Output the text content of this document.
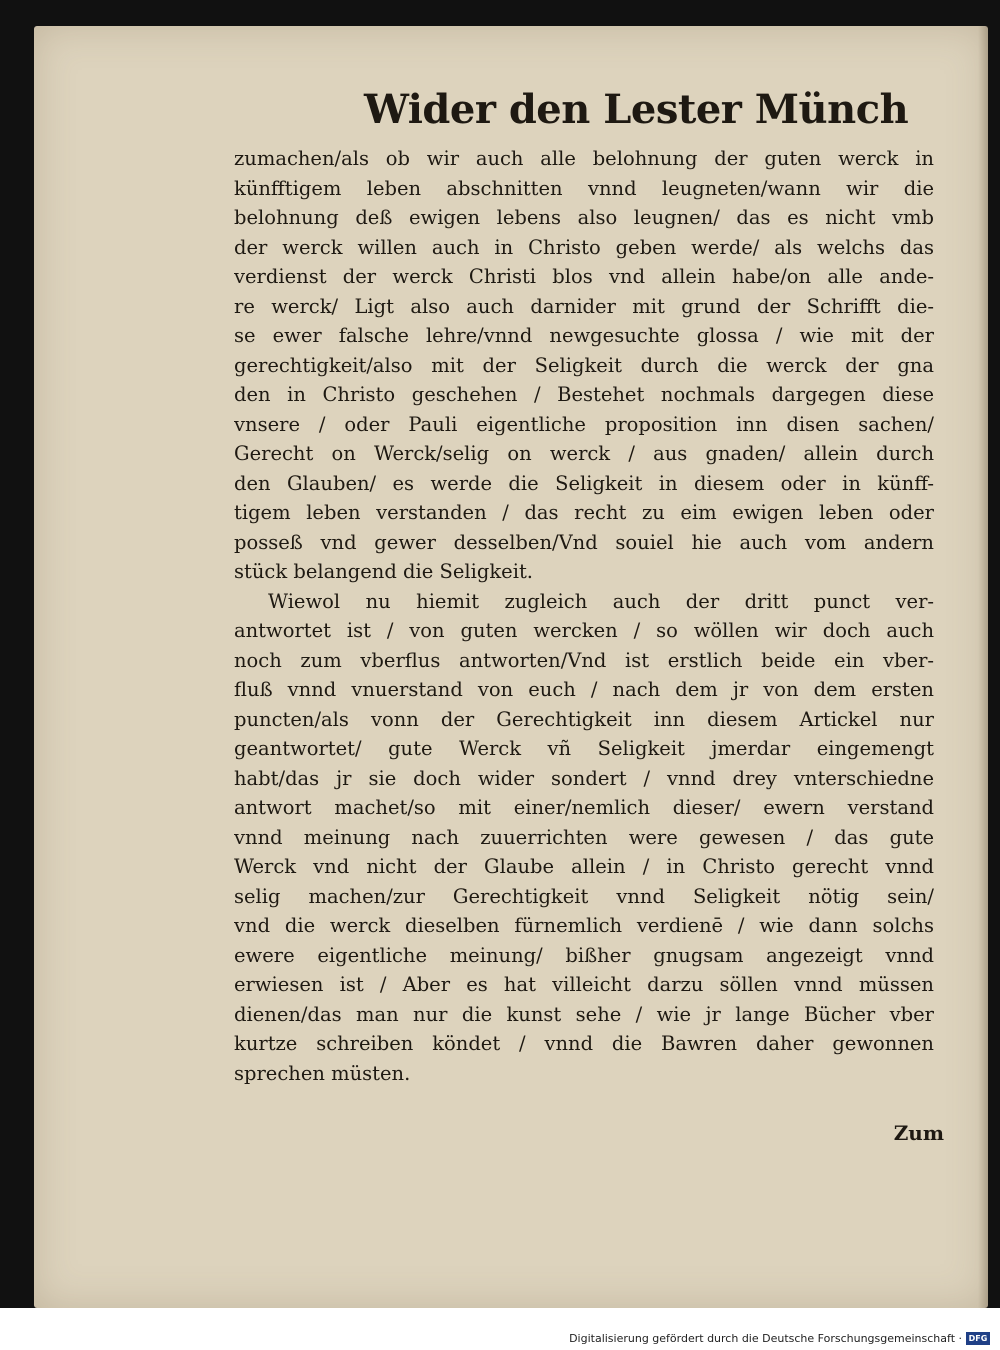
Wider den Lester Münch
zumachen/als ob wir auch alle belohnung der guten werck in
künfftigem leben abschnitten vnnd leugneten/wann wir die
belohnung deß ewigen lebens also leugnen/ das es nicht vmb
der werck willen auch in Christo geben werde/ als welchs das
verdienst der werck Christi blos vnd allein habe/on alle ande-
re werck/ Ligt also auch darnider mit grund der Schrifft die-
se ewer falsche lehre/vnnd newgesuchte glossa / wie mit der
gerechtigkeit/also mit der Seligkeit durch die werck der gna
den in Christo geschehen / Bestehet nochmals dargegen diese
vnsere / oder Pauli eigentliche proposition inn disen sachen/
Gerecht on Werck/selig on werck / aus gnaden/ allein durch
den Glauben/ es werde die Seligkeit in diesem oder in künff-
tigem leben verstanden / das recht zu eim ewigen leben oder
posseß vnd gewer desselben/Vnd souiel hie auch vom andern
stück belangend die Seligkeit.
Wiewol nu hiemit zugleich auch der dritt punct ver-
antwortet ist / von guten wercken / so wöllen wir doch auch
noch zum vberflus antworten/Vnd ist erstlich beide ein vber-
fluß vnnd vnuerstand von euch / nach dem jr von dem ersten
puncten/als vonn der Gerechtigkeit inn diesem Artickel nur
geantwortet/ gute Werck vñ Seligkeit jmerdar eingemengt
habt/das jr sie doch wider sondert / vnnd drey vnterschiedne
antwort machet/so mit einer/nemlich dieser/ ewern verstand
vnnd meinung nach zuuerrichten were gewesen / das gute
Werck vnd nicht der Glaube allein / in Christo gerecht vnnd
selig machen/zur Gerechtigkeit vnnd Seligkeit nötig sein/
vnd die werck dieselben fürnemlich verdienē / wie dann solchs
ewere eigentliche meinung/ bißher gnugsam angezeigt vnnd
erwiesen ist / Aber es hat villeicht darzu söllen vnnd müssen
dienen/das man nur die kunst sehe / wie jr lange Bücher vber
kurtze schreiben köndet / vnnd die Bawren daher gewonnen
sprechen müsten.
Zum
Digitalisierung gefördert durch die Deutsche Forschungsgemeinschaft · DFG
